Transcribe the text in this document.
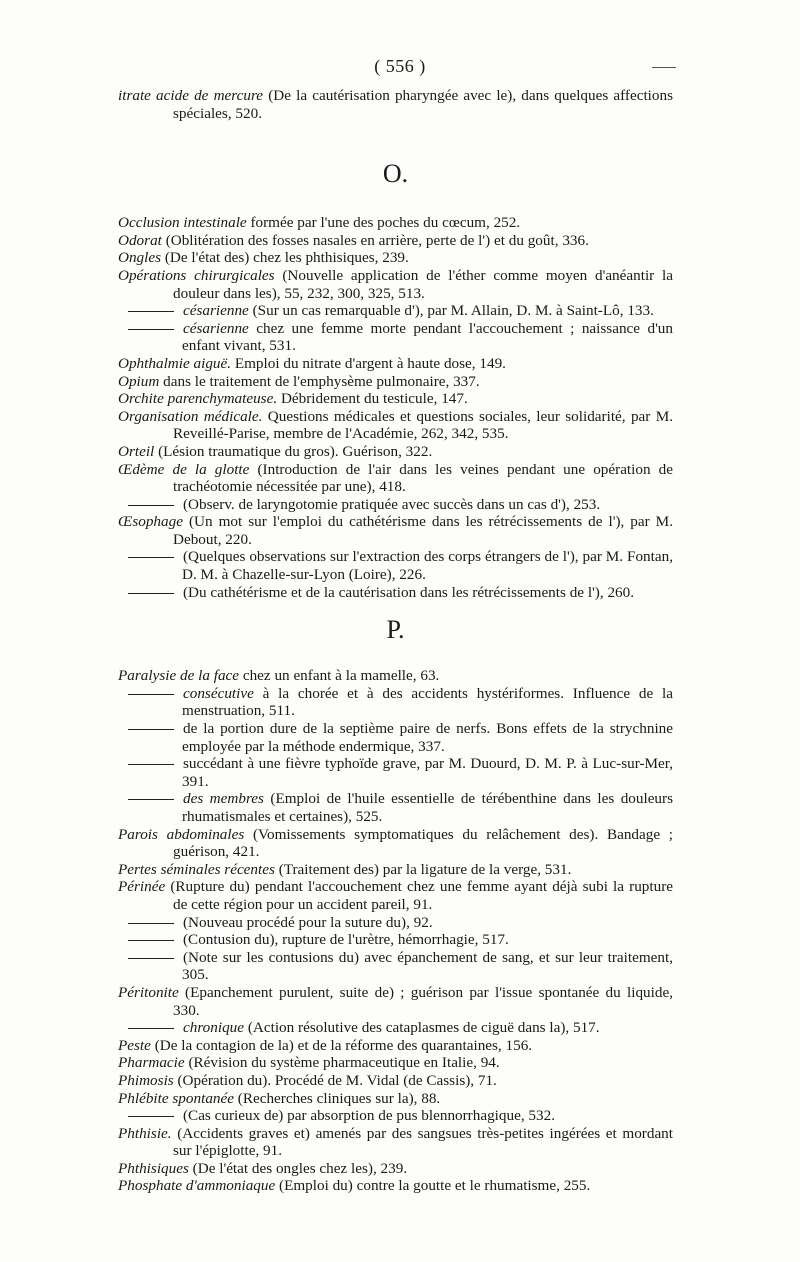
( 556 )
itrate acide de mercure (De la cautérisation pharyngée avec le), dans quelques affections spéciales, 520.
O.
Occlusion intestinale formée par l'une des poches du cœcum, 252.
Odorat (Oblitération des fosses nasales en arrière, perte de l') et du goût, 336.
Ongles (De l'état des) chez les phthisiques, 239.
Opérations chirurgicales (Nouvelle application de l'éther comme moyen d'anéantir la douleur dans les), 55, 232, 300, 325, 513.
césarienne (Sur un cas remarquable d'), par M. Allain, D. M. à Saint-Lô, 133.
césarienne chez une femme morte pendant l'accouchement ; naissance d'un enfant vivant, 531.
Ophthalmie aiguë. Emploi du nitrate d'argent à haute dose, 149.
Opium dans le traitement de l'emphysème pulmonaire, 337.
Orchite parenchymateuse. Débridement du testicule, 147.
Organisation médicale. Questions médicales et questions sociales, leur solidarité, par M. Reveillé-Parise, membre de l'Académie, 262, 342, 535.
Orteil (Lésion traumatique du gros). Guérison, 322.
Œdème de la glotte (Introduction de l'air dans les veines pendant une opération de trachéotomie nécessitée par une), 418.
(Observ. de laryngotomie pratiquée avec succès dans un cas d'), 253.
Œsophage (Un mot sur l'emploi du cathétérisme dans les rétrécissements de l'), par M. Debout, 220.
(Quelques observations sur l'extraction des corps étrangers de l'), par M. Fontan, D. M. à Chazelle-sur-Lyon (Loire), 226.
(Du cathétérisme et de la cautérisation dans les rétrécissements de l'), 260.
P.
Paralysie de la face chez un enfant à la mamelle, 63.
consécutive à la chorée et à des accidents hystériformes. Influence de la menstruation, 511.
de la portion dure de la septième paire de nerfs. Bons effets de la strychnine employée par la méthode endermique, 337.
succédant à une fièvre typhoïde grave, par M. Duourd, D. M. P. à Luc-sur-Mer, 391.
des membres (Emploi de l'huile essentielle de térébenthine dans les douleurs rhumatismales et certaines), 525.
Parois abdominales (Vomissements symptomatiques du relâchement des). Bandage ; guérison, 421.
Pertes séminales récentes (Traitement des) par la ligature de la verge, 531.
Périnée (Rupture du) pendant l'accouchement chez une femme ayant déjà subi la rupture de cette région pour un accident pareil, 91.
(Nouveau procédé pour la suture du), 92.
(Contusion du), rupture de l'urètre, hémorrhagie, 517.
(Note sur les contusions du) avec épanchement de sang, et sur leur traitement, 305.
Péritonite (Epanchement purulent, suite de) ; guérison par l'issue spontanée du liquide, 330.
chronique (Action résolutive des cataplasmes de ciguë dans la), 517.
Peste (De la contagion de la) et de la réforme des quarantaines, 156.
Pharmacie (Révision du système pharmaceutique en Italie, 94.
Phimosis (Opération du). Procédé de M. Vidal (de Cassis), 71.
Phlébite spontanée (Recherches cliniques sur la), 88.
(Cas curieux de) par absorption de pus blennorrhagique, 532.
Phthisie. (Accidents graves et) amenés par des sangsues très-petites ingérées et mordant sur l'épiglotte, 91.
Phthisiques (De l'état des ongles chez les), 239.
Phosphate d'ammoniaque (Emploi du) contre la goutte et le rhumatisme, 255.
